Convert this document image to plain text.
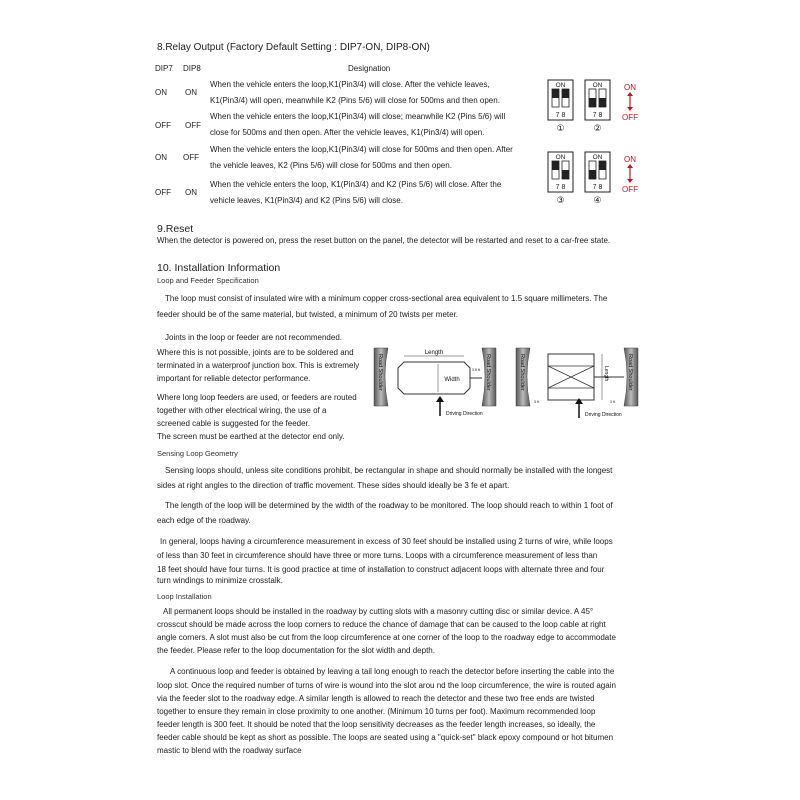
8.Relay Output (Factory Default Setting : DIP7-ON, DIP8-ON)
DIP7 DIP8	Designation
ON ON
When the vehicle enters the loop,K1(Pin3/4) will close. After the vehicle leaves,
K1(Pin3/4) will open, meanwhile K2 (Pins 5/6) will close for 500ms and then open.
OFF OFF
When the vehicle enters the loop,K1(Pin3/4) will close; meanwhile K2 (Pins 5/6) will
close for 500ms and then open. After the vehicle leaves, K1(Pin3/4) will open.
ON OFF
When the vehicle enters the loop,K1(Pin3/4) will close for 500ms and then open. After
the vehicle leaves, K2 (Pins 5/6) will close for 500ms and then open.
OFF ON
When the vehicle enters the loop, K1(Pin3/4) and K2 (Pins 5/6) will close. After the
vehicle leaves, K1(Pin3/4) and K2 (Pins 5/6) will close.
ON
7 8
①
ON
7 8
②
ON
7 8
③
ON
7 8
④
ON
OFF
ON
OFF
9.Reset
When the detector is powered on, press the reset button on the panel, the detector will be restarted and reset to a car-free state.
10. Installation Information
Loop and Feeder Specification
The loop must consist of insulated wire with a minimum copper cross-sectional area equivalent to 1.5 square millimeters. The
feeder should be of the same material, but twisted, a minimum of 20 twists per meter.
Joints in the loop or feeder are not recommended.
Where this is not possible, joints are to be soldered and
terminated in a waterproof junction box. This is extremely
important for reliable detector performance.
Where long loop feeders are used, or feeders are routed
together with other electrical wiring, the use of a
screened cable is suggested for the feeder.
The screen must be earthed at the detector end only.
Road Shoulder	Road Shoulder
Length
Width
3.5 ft
Driving Direction
Road Shoulder	Road Shoulder
Length
3 ft	3 ft
Driving Direction
Sensing Loop Geometry
Sensing loops should, unless site conditions prohibit, be rectangular in shape and should normally be installed with the longest
sides at right angles to the direction of traffic movement. These sides should ideally be 3 fe et apart.
The length of the loop will be determined by the width of the roadway to be monitored. The loop should reach to within 1 foot of
each edge of the roadway.
In general, loops having a circumference measurement in excess of 30 feet should be installed using 2 turns of wire, while loops
of less than 30 feet in circumference should have three or more turns. Loops with a circumference measurement of less than
18 feet should have four turns. It is good practice at time of installation to construct adjacent loops with alternate three and four
turn windings to minimize crosstalk.
Loop Installation
All permanent loops should be installed in the roadway by cutting slots with a masonry cutting disc or similar device. A 45°
crosscut should be made across the loop corners to reduce the chance of damage that can be caused to the loop cable at right
angle corners. A slot must also be cut from the loop circumference at one corner of the loop to the roadway edge to accommodate
the feeder. Please refer to the loop documentation for the slot width and depth.
A continuous loop and feeder is obtained by leaving a tail long enough to reach the detector before inserting the cable into the
loop slot. Once the required number of turns of wire is wound into the slot arou nd the loop circumference, the wire is routed again
via the feeder slot to the roadway edge. A similar length is allowed to reach the detector and these two free ends are twisted
together to ensure they remain in close proximity to one another. (Minimum 10 turns per foot). Maximum recommended loop
feeder length is 300 feet. It should be noted that the loop sensitivity decreases as the feeder length increases, so ideally, the
feeder cable should be kept as short as possible. The loops are seated using a "quick-set" black epoxy compound or hot bitumen
mastic to blend with the roadway surface
